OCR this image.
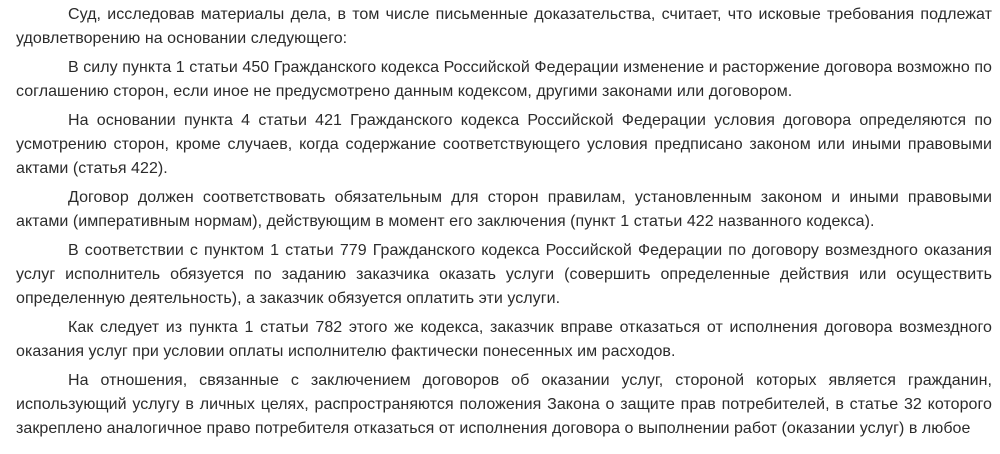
Суд, исследовав материалы дела, в том числе письменные доказательства, считает, что исковые требования подлежат удовлетворению на основании следующего:

В силу пункта 1 статьи 450 Гражданского кодекса Российской Федерации изменение и расторжение договора возможно по соглашению сторон, если иное не предусмотрено данным кодексом, другими законами или договором.

На основании пункта 4 статьи 421 Гражданского кодекса Российской Федерации условия договора определяются по усмотрению сторон, кроме случаев, когда содержание соответствующего условия предписано законом или иными правовыми актами (статья 422).

Договор должен соответствовать обязательным для сторон правилам, установленным законом и иными правовыми актами (императивным нормам), действующим в момент его заключения (пункт 1 статьи 422 названного кодекса).

В соответствии с пунктом 1 статьи 779 Гражданского кодекса Российской Федерации по договору возмездного оказания услуг исполнитель обязуется по заданию заказчика оказать услуги (совершить определенные действия или осуществить определенную деятельность), а заказчик обязуется оплатить эти услуги.

Как следует из пункта 1 статьи 782 этого же кодекса, заказчик вправе отказаться от исполнения договора возмездного оказания услуг при условии оплаты исполнителю фактически понесенных им расходов.

На отношения, связанные с заключением договоров об оказании услуг, стороной которых является гражданин, использующий услугу в личных целях, распространяются положения Закона о защите прав потребителей, в статье 32 которого закреплено аналогичное право потребителя отказаться от исполнения договора о выполнении работ (оказании услуг) в любое
